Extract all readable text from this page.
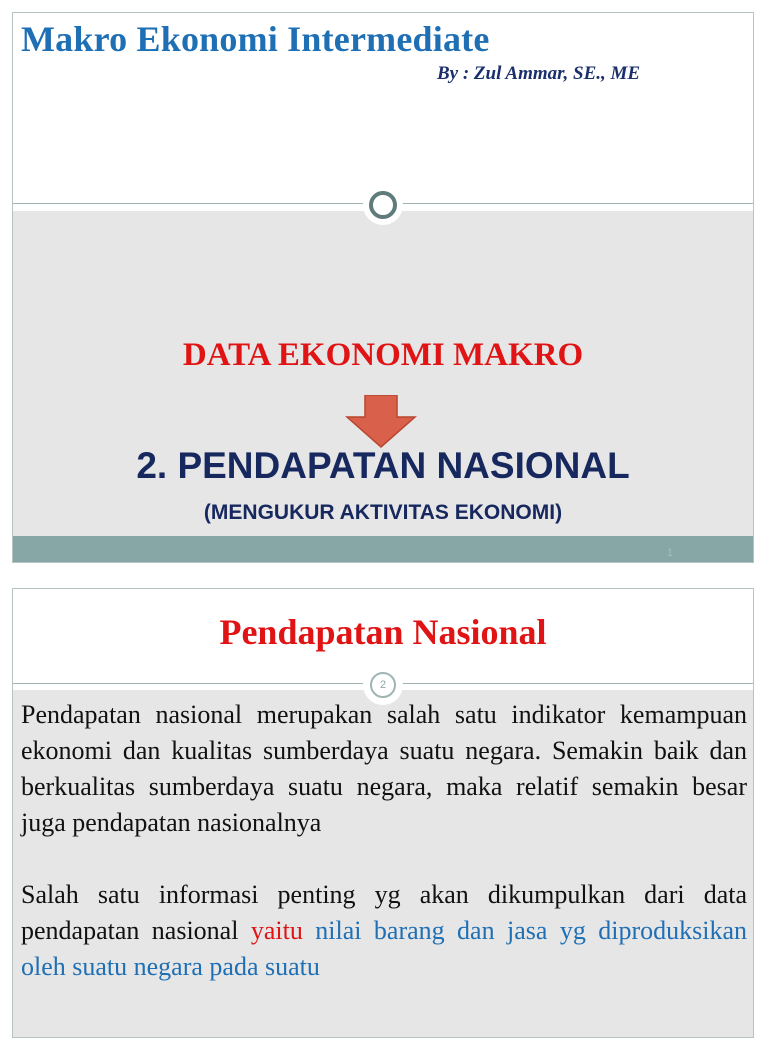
Makro Ekonomi Intermediate
By : Zul Ammar, SE., ME
DATA EKONOMI MAKRO
2. PENDAPATAN NASIONAL
(MENGUKUR AKTIVITAS EKONOMI)
1
Pendapatan Nasional
2

Pendapatan nasional merupakan salah satu indikator kemampuan ekonomi dan kualitas sumberdaya suatu negara. Semakin baik dan berkualitas sumberdaya suatu negara, maka relatif semakin besar juga pendapatan nasionalnya

Salah satu informasi penting yg akan dikumpulkan dari data pendapatan nasional yaitu nilai barang dan jasa yg diproduksikan oleh suatu negara pada suatu
